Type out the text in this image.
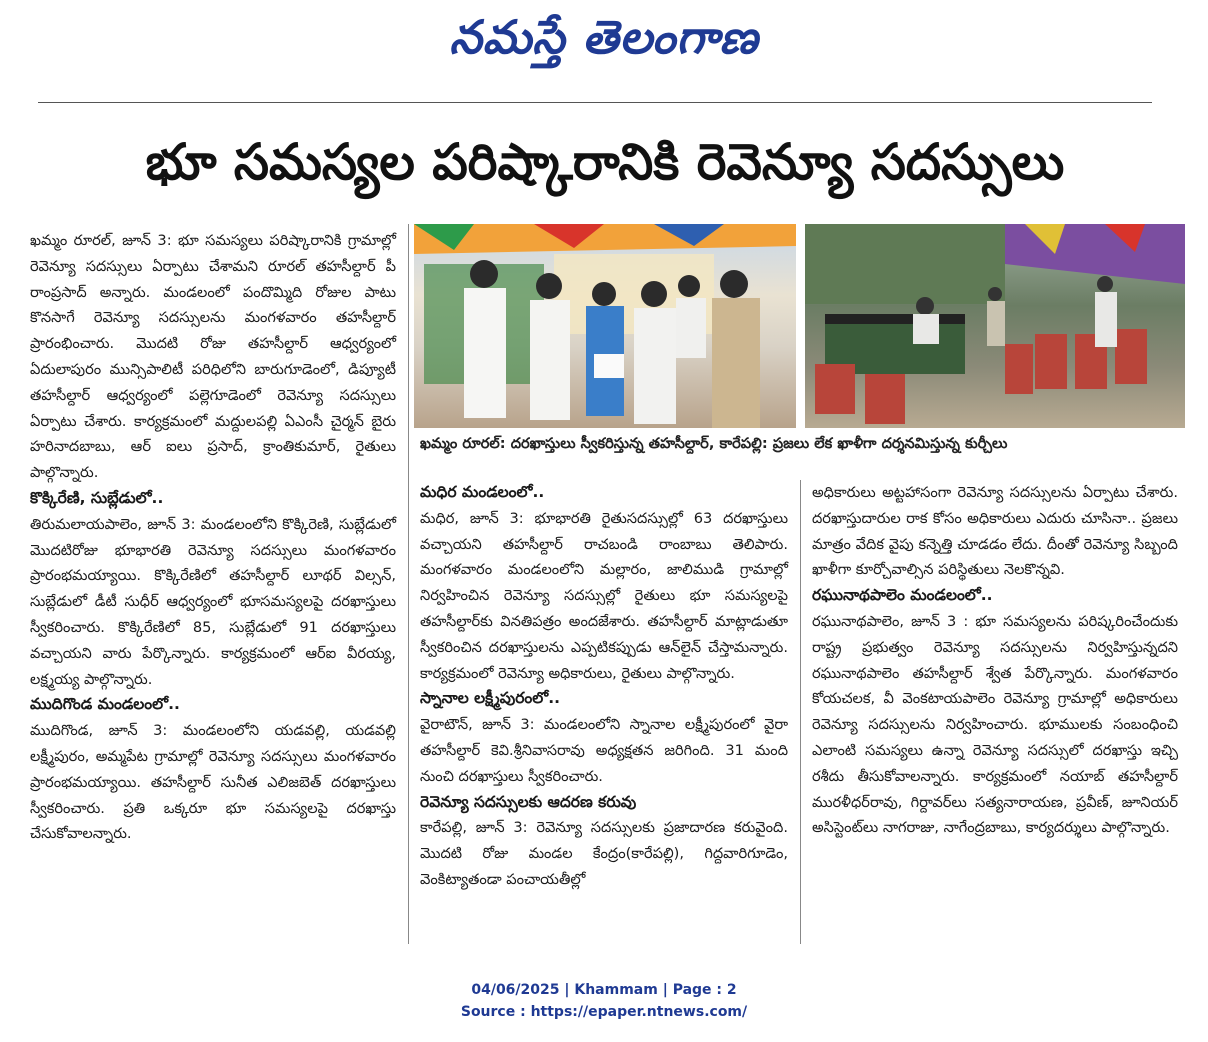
నమస్తే తెలంగాణ
భూ సమస్యల పరిష్కారానికి రెవెన్యూ సదస్సులు
ఖమ్మం రూరల్: దరఖాస్తులు స్వీకరిస్తున్న తహసీల్దార్, కారేపల్లి: ప్రజలు లేక ఖాళీగా దర్శనమిస్తున్న కుర్చీలు

ఖమ్మం రూరల్, జూన్ 3: భూ సమస్యలు పరిష్కారానికి గ్రామాల్లో రెవెన్యూ సదస్సులు ఏర్పాటు చేశామని రూరల్ తహసీల్దార్ పీ రాంప్రసాద్ అన్నారు. మండలంలో పందొమ్మిది రోజుల పాటు కొనసాగే రెవెన్యూ సదస్సులను మంగళవారం తహసీల్దార్ ప్రారంభించారు. మొదటి రోజు తహసీల్దార్ ఆధ్వర్యంలో ఏదులాపురం మున్సిపాలిటీ పరిధిలోని బారుగూడెంలో, డిప్యూటీ తహసీల్దార్ ఆధ్వర్యంలో పల్లెగూడెంలో రెవెన్యూ సదస్సులు ఏర్పాటు చేశారు. కార్యక్రమంలో మద్దులపల్లి ఏఎంసీ చైర్మన్ బైరు హరినాదబాబు, ఆర్ ఐలు ప్రసాద్, క్రాంతికుమార్, రైతులు పాల్గొన్నారు.

కొక్కిరేణి, సుబ్లేడులో..

తిరుమలాయపాలెం, జూన్ 3: మండలంలోని కొక్కిరెణి, సుబ్లేడులో మొదటిరోజు భూభారతి రెవెన్యూ సదస్సులు మంగళవారం ప్రారంభమయ్యాయి. కొక్కిరేణిలో తహసీల్దార్ లూథర్ విల్సన్, సుబ్లేడులో డీటీ సుధీర్ ఆధ్వర్యంలో భూసమస్యలపై దరఖాస్తులు స్వీకరించారు. కొక్కిరేణిలో 85, సుబ్లేడులో 91 దరఖాస్తులు వచ్చాయని వారు పేర్కొన్నారు. కార్యక్రమంలో ఆర్ఐ వీరయ్య, లక్ష్మయ్య పాల్గొన్నారు.

ముదిగొండ మండలంలో..

ముదిగొండ, జూన్ 3: మండలంలోని యడవల్లి, యడవల్లి లక్ష్మీపురం, అమ్మపేట గ్రామాల్లో రెవెన్యూ సదస్సులు మంగళవారం ప్రారంభమయ్యాయి. తహసీల్దార్ సునీత ఎలిజబెత్ దరఖాస్తులు స్వీకరించారు. ప్రతి ఒక్కరూ భూ సమస్యలపై దరఖాస్తు చేసుకోవాలన్నారు.

మధిర మండలంలో..

మధిర, జూన్ 3: భూభారతి రైతుసదస్సుల్లో 63 దరఖాస్తులు వచ్చాయని తహసీల్దార్ రాచబండి రాంబాబు తెలిపారు. మంగళవారం మండలంలోని మల్లారం, జాలిముడి గ్రామాల్లో నిర్వహించిన రెవెన్యూ సదస్సుల్లో రైతులు భూ సమస్యలపై తహసీల్దార్‌కు వినతిపత్రం అందజేశారు. తహసీల్దార్ మాట్లాడుతూ స్వీకరించిన దరఖాస్తులను ఎప్పటికప్పుడు ఆన్‌లైన్ చేస్తామన్నారు. కార్యక్రమంలో రెవెన్యూ అధికారులు, రైతులు పాల్గొన్నారు.

స్నానాల లక్ష్మీపురంలో..

వైరాటౌన్, జూన్ 3: మండలంలోని స్నానాల లక్ష్మీపురంలో వైరా తహసీల్దార్ కెవి.శ్రీనివాసరావు అధ్యక్షతన జరిగింది. 31 మంది నుంచి దరఖాస్తులు స్వీకరించారు.

రెవెన్యూ సదస్సులకు ఆదరణ కరువు

కారేపల్లి, జూన్ 3: రెవెన్యూ సదస్సులకు ప్రజాదారణ కరువైంది. మొదటి రోజు మండల కేంద్రం(కారేపల్లి), గిద్దవారిగూడెం, వెంకిట్యాతండా పంచాయతీల్లో

అధికారులు అట్టహాసంగా రెవెన్యూ సదస్సులను ఏర్పాటు చేశారు. దరఖాస్తుదారుల రాక కోసం అధికారులు ఎదురు చూసినా.. ప్రజలు మాత్రం వేదిక వైపు కన్నెత్తి చూడడం లేదు. దీంతో రెవెన్యూ సిబ్బంది ఖాళీగా కూర్చోవాల్సిన పరిస్థితులు నెలకొన్నవి.

రఘునాథపాలెం మండలంలో..

రఘునాథపాలెం, జూన్ 3 : భూ సమస్యలను పరిష్కరించేందుకు రాష్ట్ర ప్రభుత్వం రెవెన్యూ సదస్సులను నిర్వహిస్తున్నదని రఘునాథపాలెం తహసీల్దార్ శ్వేత పేర్కొన్నారు. మంగళవారం కోయచలక, వీ వెంకటాయపాలెం రెవెన్యూ గ్రామాల్లో అధికారులు రెవెన్యూ సదస్సులను నిర్వహించారు. భూములకు సంబంధించి ఎలాంటి సమస్యలు ఉన్నా రెవెన్యూ సదస్సులో దరఖాస్తు ఇచ్చి రశీదు తీసుకోవాలన్నారు. కార్యక్రమంలో నయాబ్ తహసీల్దార్ మురళీధర్‌రావు, గిర్దావర్‌లు సత్యనారాయణ, ప్రవీణ్, జూనియర్ అసిస్టెంట్‌లు నాగరాజు, నాగేంద్రబాబు, కార్యదర్శులు పాల్గొన్నారు.

04/06/2025 | Khammam | Page : 2
Source : https://epaper.ntnews.com/
